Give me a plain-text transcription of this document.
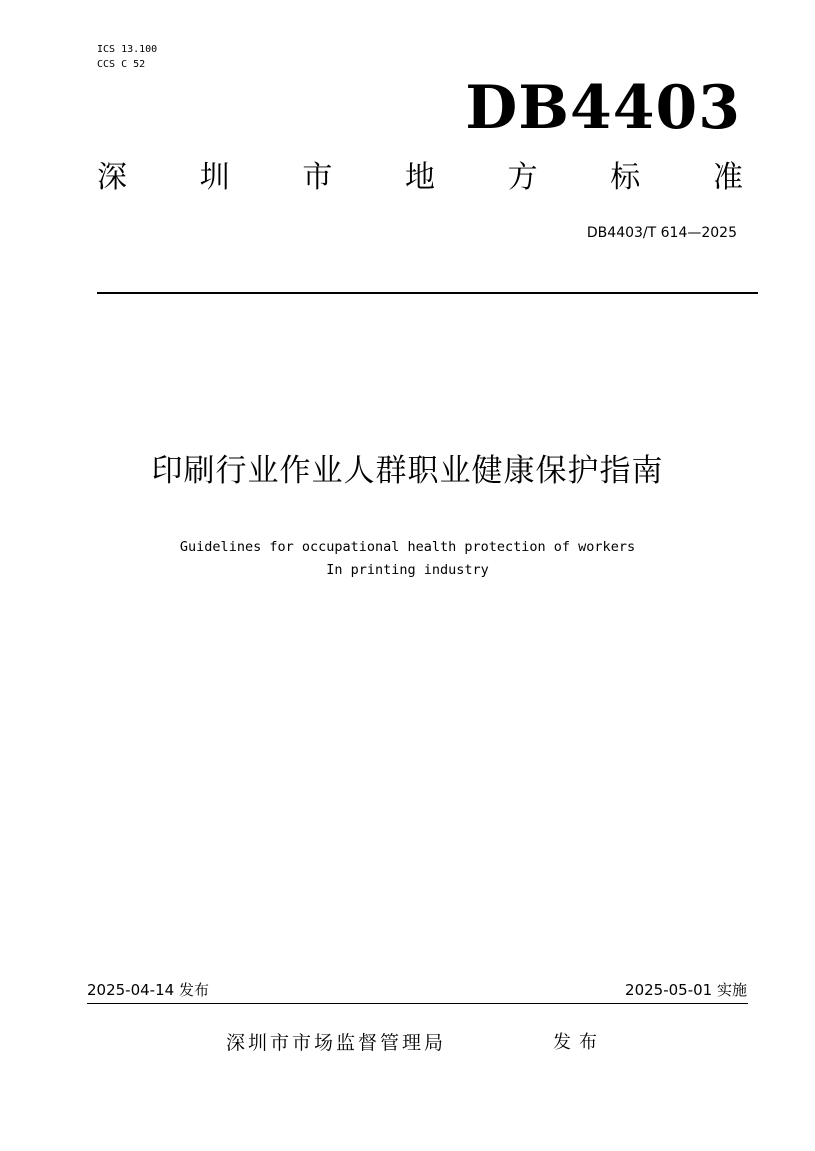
ICS 13.100
CCS C 52
DB4403
深 圳 市 地 方 标 准
DB4403/T 614—2025
印刷行业作业人群职业健康保护指南
Guidelines for occupational health protection of workers
In printing industry
2025-04-14 发布	2025-05-01 实施
深圳市市场监督管理局	发布
